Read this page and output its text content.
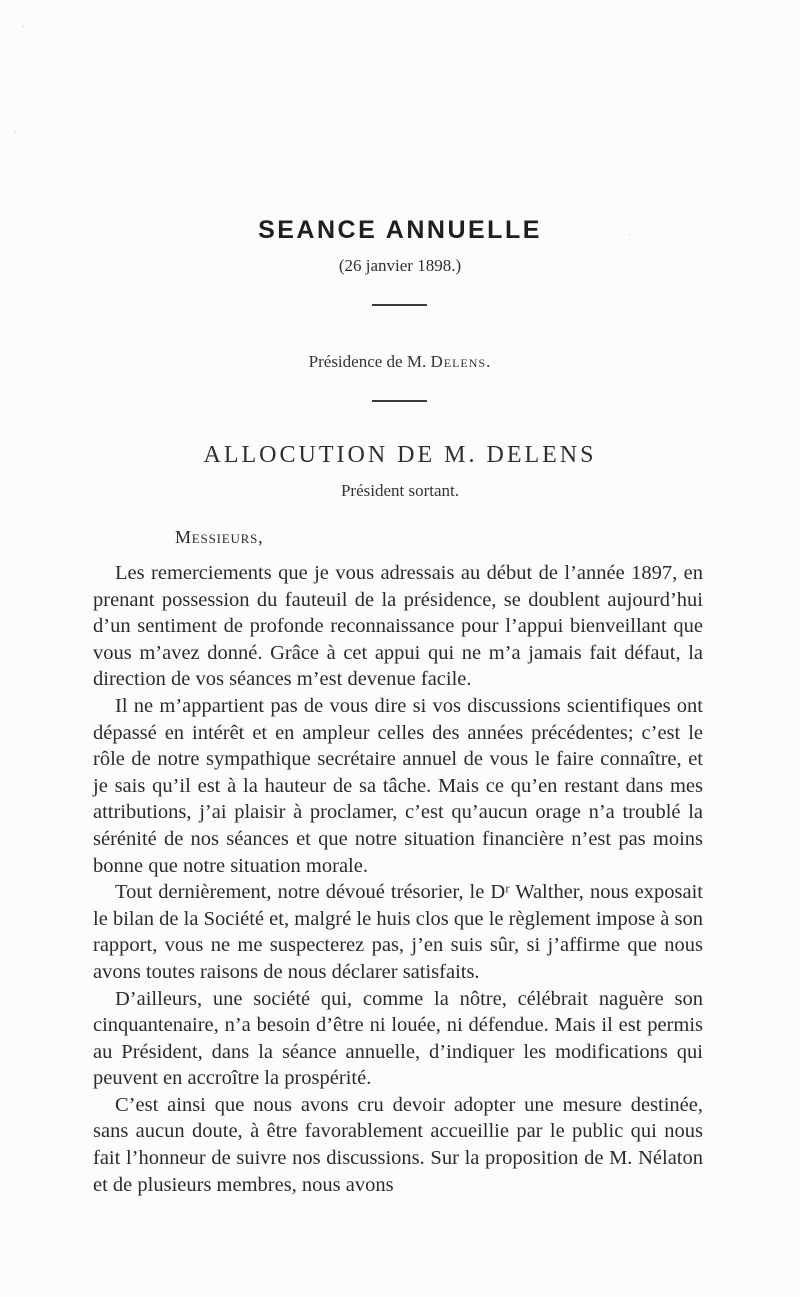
·
·
·
SEANCE ANNUELLE
(26 janvier 1898.)
Présidence de M. Delens.
ALLOCUTION DE M. DELENS
Président sortant.
Messieurs,

Les remerciements que je vous adressais au début de l’année 1897, en prenant possession du fauteuil de la présidence, se doublent aujourd’hui d’un sentiment de profonde reconnaissance pour l’appui bienveillant que vous m’avez donné. Grâce à cet appui qui ne m’a jamais fait défaut, la direction de vos séances m’est devenue facile.

Il ne m’appartient pas de vous dire si vos discussions scientifiques ont dépassé en intérêt et en ampleur celles des années précédentes; c’est le rôle de notre sympathique secrétaire annuel de vous le faire connaître, et je sais qu’il est à la hauteur de sa tâche. Mais ce qu’en restant dans mes attributions, j’ai plaisir à proclamer, c’est qu’aucun orage n’a troublé la sérénité de nos séances et que notre situation financière n’est pas moins bonne que notre situation morale.

Tout dernièrement, notre dévoué trésorier, le Dʳ Walther, nous exposait le bilan de la Société et, malgré le huis clos que le règlement impose à son rapport, vous ne me suspecterez pas, j’en suis sûr, si j’affirme que nous avons toutes raisons de nous déclarer satisfaits.

D’ailleurs, une société qui, comme la nôtre, célébrait naguère son cinquantenaire, n’a besoin d’être ni louée, ni défendue. Mais il est permis au Président, dans la séance annuelle, d’indiquer les modifications qui peuvent en accroître la prospérité.

C’est ainsi que nous avons cru devoir adopter une mesure destinée, sans aucun doute, à être favorablement accueillie par le public qui nous fait l’honneur de suivre nos discussions. Sur la proposition de M. Nélaton et de plusieurs membres, nous avons
